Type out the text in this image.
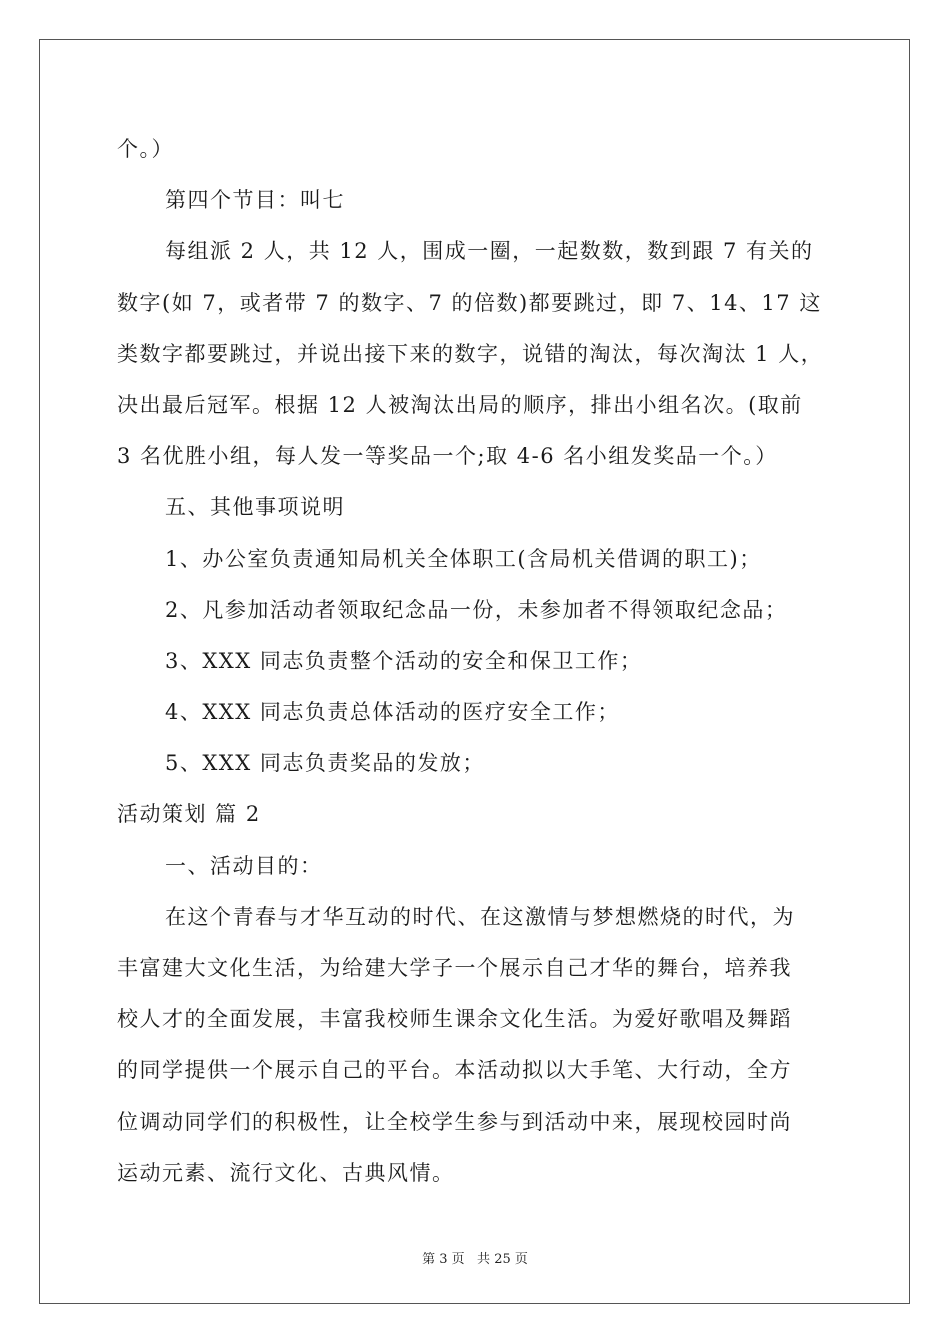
个。）
第四个节目：叫七
每组派 2 人，共 12 人，围成一圈，一起数数，数到跟 7 有关的
数字(如 7，或者带 7 的数字、7 的倍数)都要跳过，即 7、14、17 这
类数字都要跳过，并说出接下来的数字，说错的淘汰，每次淘汰 1 人，
决出最后冠军。根据 12 人被淘汰出局的顺序，排出小组名次。(取前
3 名优胜小组，每人发一等奖品一个;取 4-6 名小组发奖品一个。）
五、其他事项说明
1、办公室负责通知局机关全体职工(含局机关借调的职工)；
2、凡参加活动者领取纪念品一份，未参加者不得领取纪念品；
3、XXX 同志负责整个活动的安全和保卫工作；
4、XXX 同志负责总体活动的医疗安全工作；
5、XXX 同志负责奖品的发放；
活动策划 篇 2
一、活动目的：
在这个青春与才华互动的时代、在这激情与梦想燃烧的时代，为
丰富建大文化生活，为给建大学子一个展示自己才华的舞台，培养我
校人才的全面发展，丰富我校师生课余文化生活。为爱好歌唱及舞蹈
的同学提供一个展示自己的平台。本活动拟以大手笔、大行动，全方
位调动同学们的积极性，让全校学生参与到活动中来，展现校园时尚
运动元素、流行文化、古典风情。
第 3 页   共 25 页
